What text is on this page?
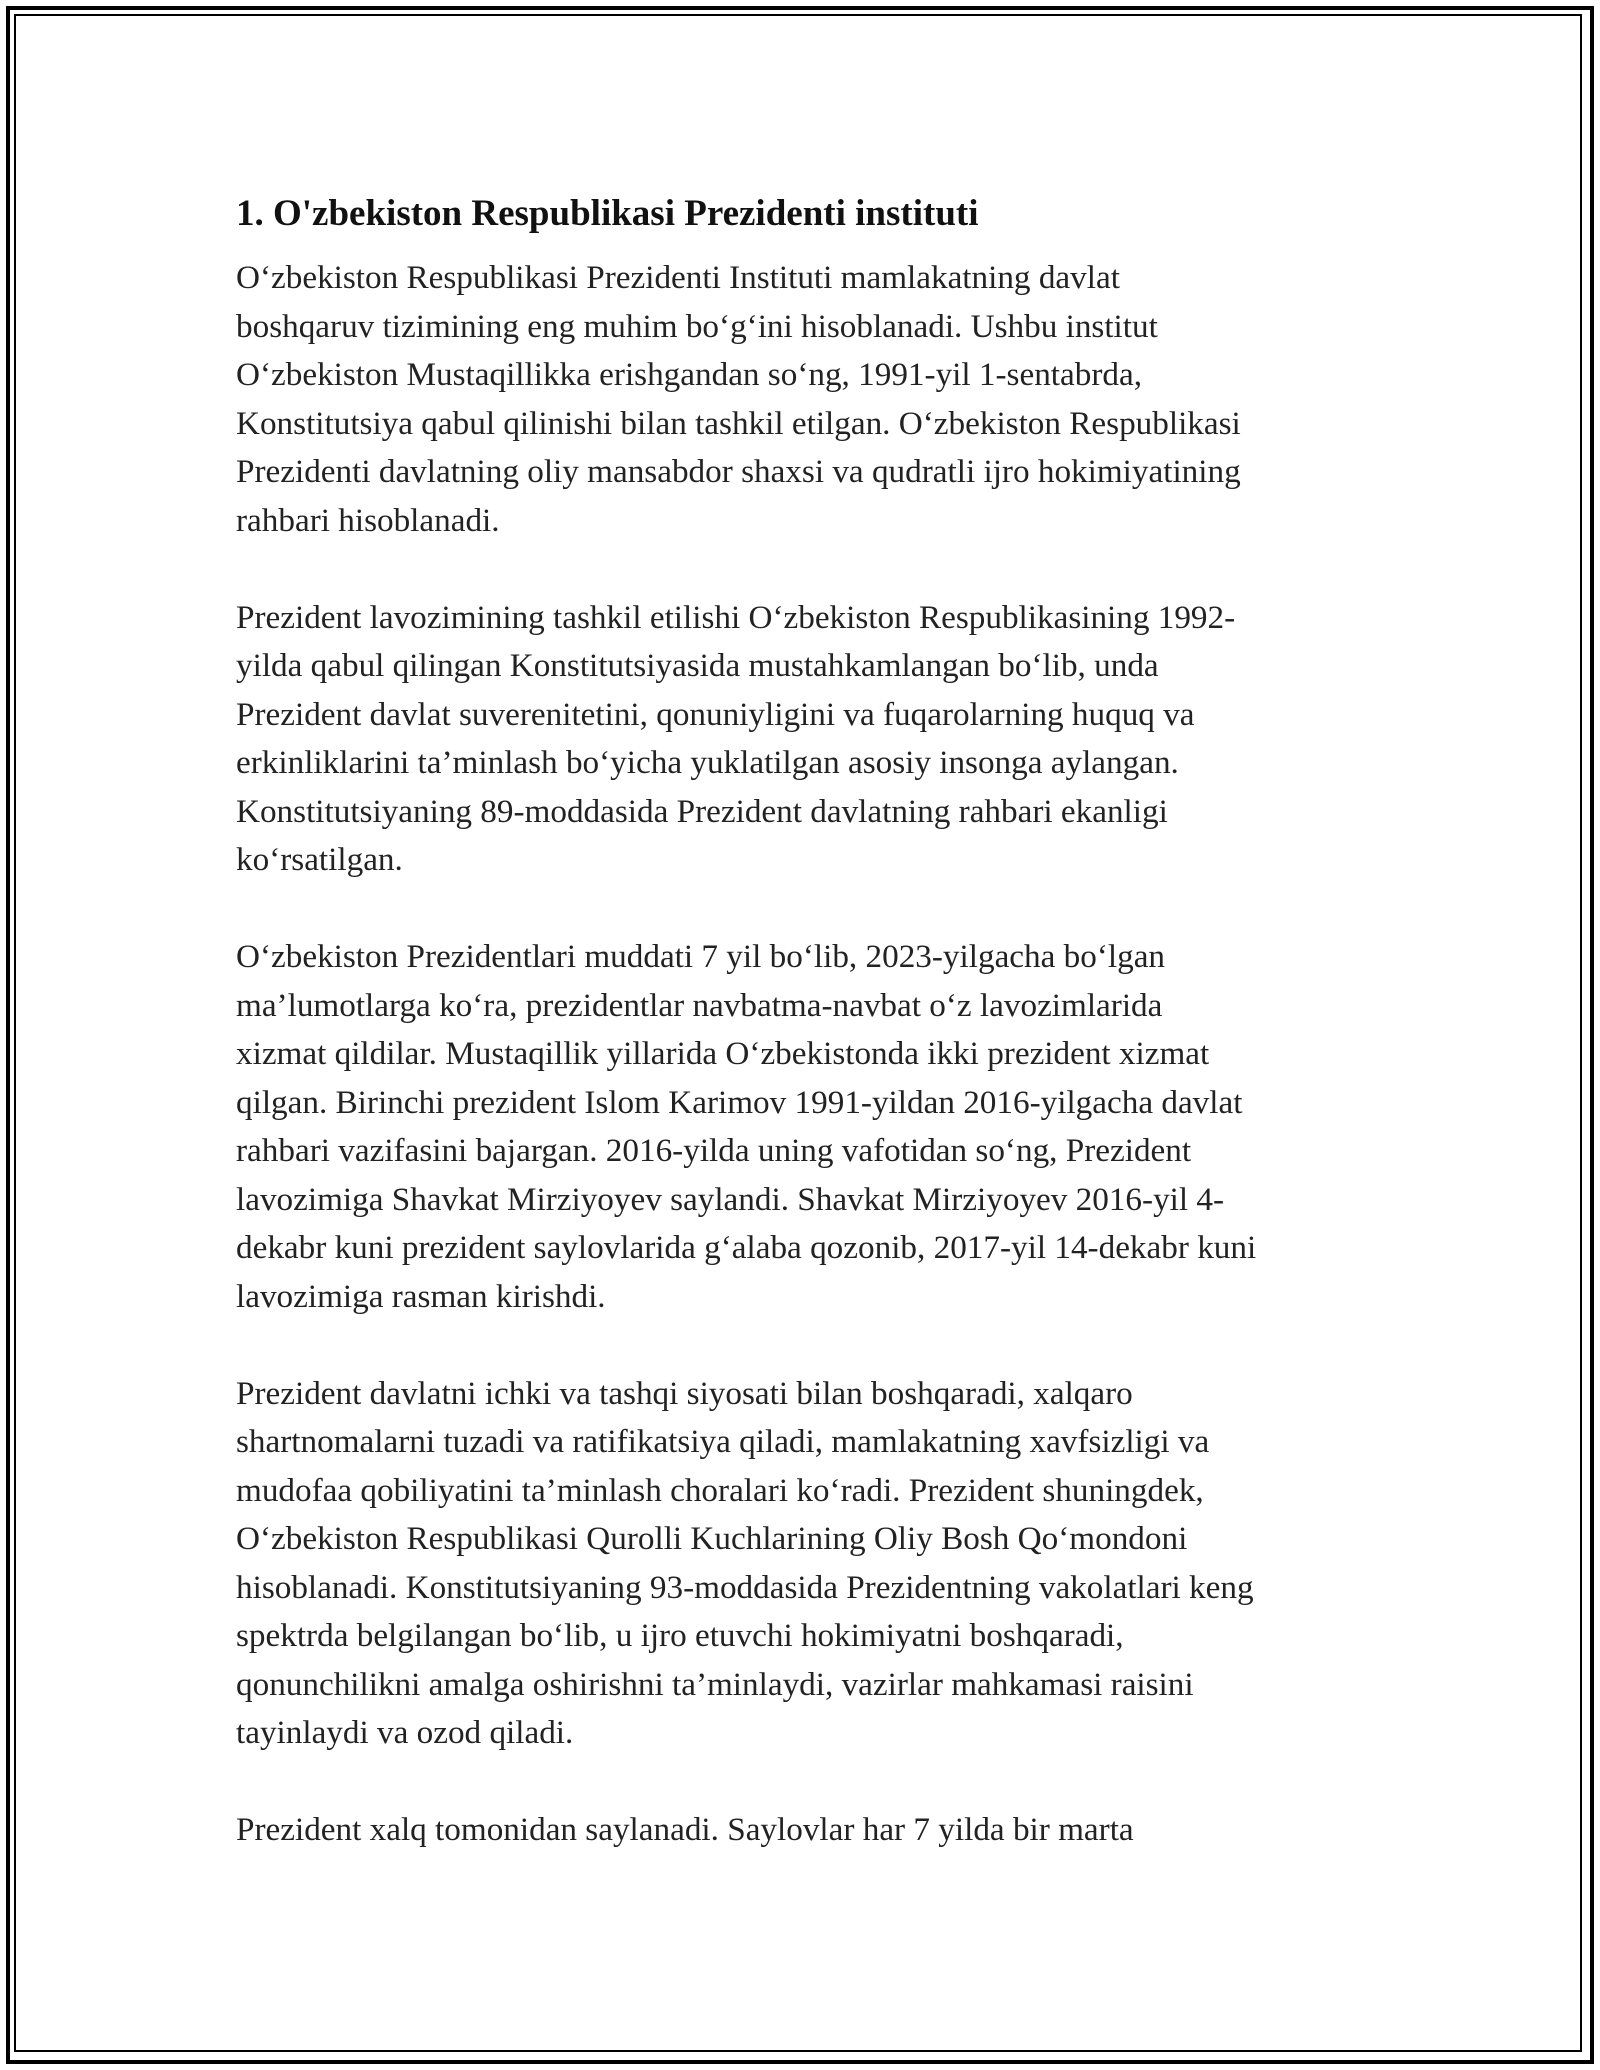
1. O'zbekiston Respublikasi Prezidenti instituti

O‘zbekiston Respublikasi Prezidenti Instituti mamlakatning davlat
boshqaruv tizimining eng muhim bo‘g‘ini hisoblanadi. Ushbu institut
O‘zbekiston Mustaqillikka erishgandan so‘ng, 1991-yil 1-sentabrda,
Konstitutsiya qabul qilinishi bilan tashkil etilgan. O‘zbekiston Respublikasi
Prezidenti davlatning oliy mansabdor shaxsi va qudratli ijro hokimiyatining
rahbari hisoblanadi.

Prezident lavozimining tashkil etilishi O‘zbekiston Respublikasining 1992-
yilda qabul qilingan Konstitutsiyasida mustahkamlangan bo‘lib, unda
Prezident davlat suverenitetini, qonuniyligini va fuqarolarning huquq va
erkinliklarini ta’minlash bo‘yicha yuklatilgan asosiy insonga aylangan.
Konstitutsiyaning 89-moddasida Prezident davlatning rahbari ekanligi
ko‘rsatilgan.

O‘zbekiston Prezidentlari muddati 7 yil bo‘lib, 2023-yilgacha bo‘lgan
ma’lumotlarga ko‘ra, prezidentlar navbatma-navbat o‘z lavozimlarida
xizmat qildilar. Mustaqillik yillarida O‘zbekistonda ikki prezident xizmat
qilgan. Birinchi prezident Islom Karimov 1991-yildan 2016-yilgacha davlat
rahbari vazifasini bajargan. 2016-yilda uning vafotidan so‘ng, Prezident
lavozimiga Shavkat Mirziyoyev saylandi. Shavkat Mirziyoyev 2016-yil 4-
dekabr kuni prezident saylovlarida g‘alaba qozonib, 2017-yil 14-dekabr kuni
lavozimiga rasman kirishdi.

Prezident davlatni ichki va tashqi siyosati bilan boshqaradi, xalqaro
shartnomalarni tuzadi va ratifikatsiya qiladi, mamlakatning xavfsizligi va
mudofaa qobiliyatini ta’minlash choralari ko‘radi. Prezident shuningdek,
O‘zbekiston Respublikasi Qurolli Kuchlarining Oliy Bosh Qo‘mondoni
hisoblanadi. Konstitutsiyaning 93-moddasida Prezidentning vakolatlari keng
spektrda belgilangan bo‘lib, u ijro etuvchi hokimiyatni boshqaradi,
qonunchilikni amalga oshirishni ta’minlaydi, vazirlar mahkamasi raisini
tayinlaydi va ozod qiladi.

Prezident xalq tomonidan saylanadi. Saylovlar har 7 yilda bir marta
